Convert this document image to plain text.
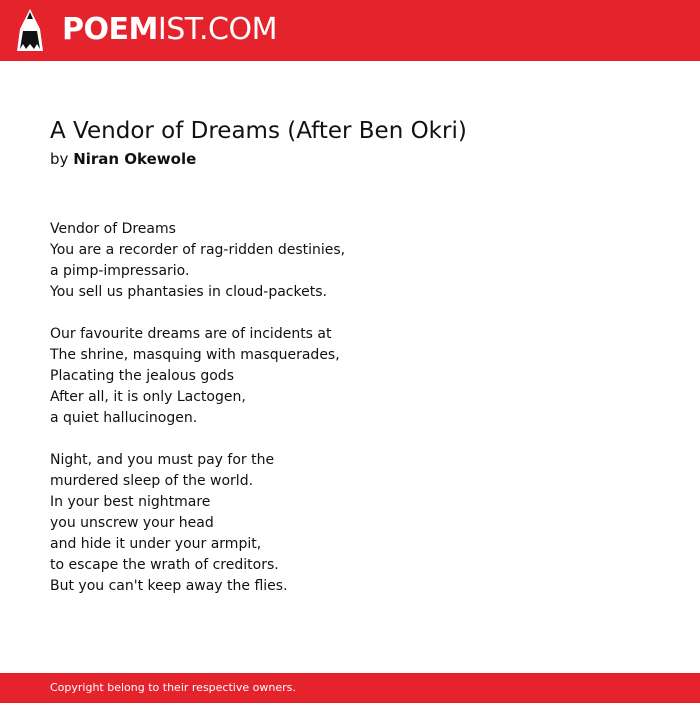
POEMIST.COM
A Vendor of Dreams (After Ben Okri)
by Niran Okewole
Vendor of Dreams
You are a recorder of rag-ridden destinies,
a pimp-impressario.
You sell us phantasies in cloud-packets.
Our favourite dreams are of incidents at
The shrine, masquing with masquerades,
Placating the jealous gods
After all, it is only Lactogen,
a quiet hallucinogen.
Night, and you must pay for the
murdered sleep of the world.
In your best nightmare
you unscrew your head
and hide it under your armpit,
to escape the wrath of creditors.
But you can't keep away the flies.
Copyright belong to their respective owners.
